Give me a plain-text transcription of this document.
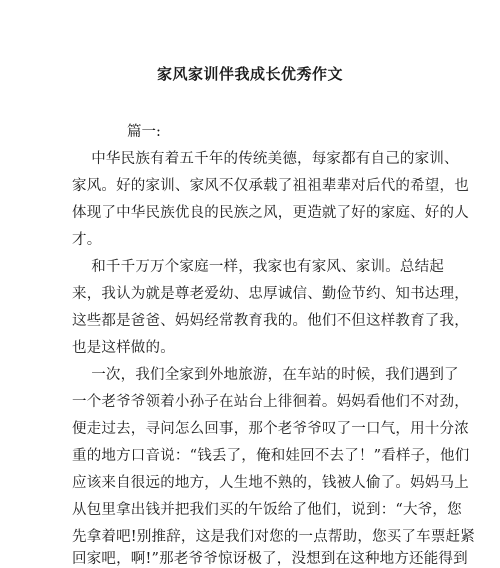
家风家训伴我成长优秀作文
篇一:
中华民族有着五千年的传统美德，每家都有自己的家训、
家风。好的家训、家风不仅承载了祖祖辈辈对后代的希望，也
体现了中华民族优良的民族之风，更造就了好的家庭、好的人
才。
和千千万万个家庭一样，我家也有家风、家训。总结起
来，我认为就是尊老爱幼、忠厚诚信、勤俭节约、知书达理，
这些都是爸爸、妈妈经常教育我的。他们不但这样教育了我，
也是这样做的。
一次，我们全家到外地旅游，在车站的时候，我们遇到了
一个老爷爷领着小孙子在站台上徘徊着。妈妈看他们不对劲，
便走过去，寻问怎么回事，那个老爷爷叹了一口气，用十分浓
重的地方口音说：“钱丢了，俺和娃回不去了！”看样子，他们
应该来自很远的地方，人生地不熟的，钱被人偷了。妈妈马上
从包里拿出钱并把我们买的午饭给了他们，说到：“大爷，您
先拿着吧!别推辞，这是我们对您的一点帮助，您买了车票赶紧
回家吧，啊!”那老爷爷惊讶极了，没想到在这种地方还能得到
